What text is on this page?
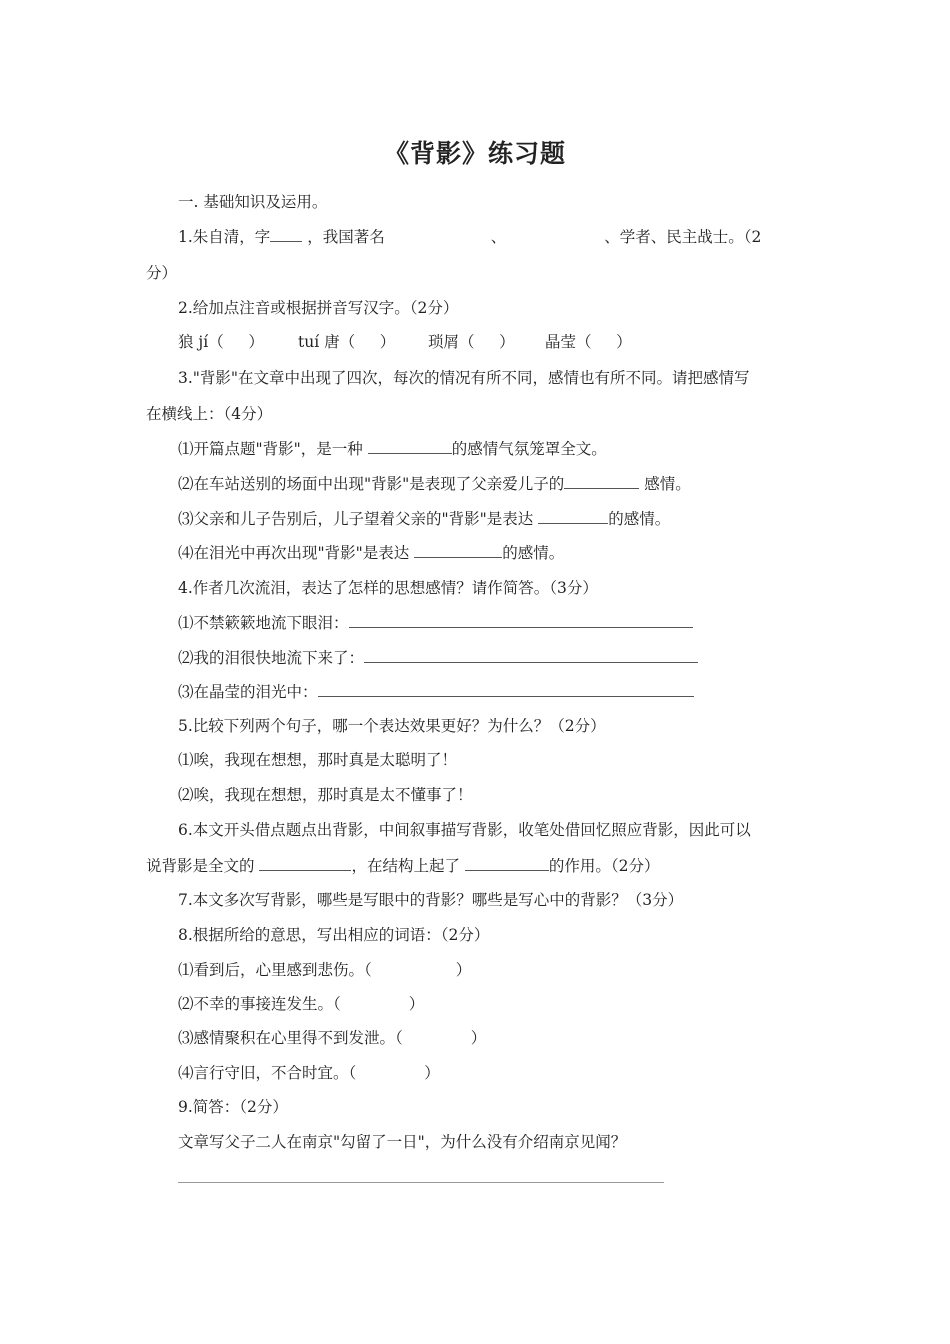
《背影》练习题
一. 基础知识及运用。
1.朱自清，字 ，我国著名	、	、学者、民主战士。（2
分）
2.给加点注音或根据拼音写汉字。（2分）
狼 jí（     ） tuí 唐（     ） 琐屑（     ） 晶莹（     ）
3."背影"在文章中出现了四次，每次的情况有所不同，感情也有所不同。请把感情写
在横线上：（4分）
⑴开篇点题"背影"，是一种	的感情气氛笼罩全文。
⑵在车站送别的场面中出现"背影"是表现了父亲爱儿子的	感情。
⑶父亲和儿子告别后，儿子望着父亲的"背影"是表达	的感情。
⑷在泪光中再次出现"背影"是表达	的感情。
4.作者几次流泪，表达了怎样的思想感情？请作简答。（3分）
⑴不禁簌簌地流下眼泪：
⑵我的泪很快地流下来了：
⑶在晶莹的泪光中：
5.比较下列两个句子，哪一个表达效果更好？为什么？（2分）
⑴唉，我现在想想，那时真是太聪明了！
⑵唉，我现在想想，那时真是太不懂事了！
6.本文开头借点题点出背影，中间叙事描写背影，收笔处借回忆照应背影，因此可以
说背影是全文的	，在结构上起了	的作用。（2分）
7.本文多次写背影，哪些是写眼中的背影？哪些是写心中的背影？（3分）
8.根据所给的意思，写出相应的词语：（2分）
⑴看到后，心里感到悲伤。（	）
⑵不幸的事接连发生。（	）
⑶感情聚积在心里得不到发泄。（	）
⑷言行守旧，不合时宜。（	）
9.简答：（2分）
文章写父子二人在南京"勾留了一日"，为什么没有介绍南京见闻？
